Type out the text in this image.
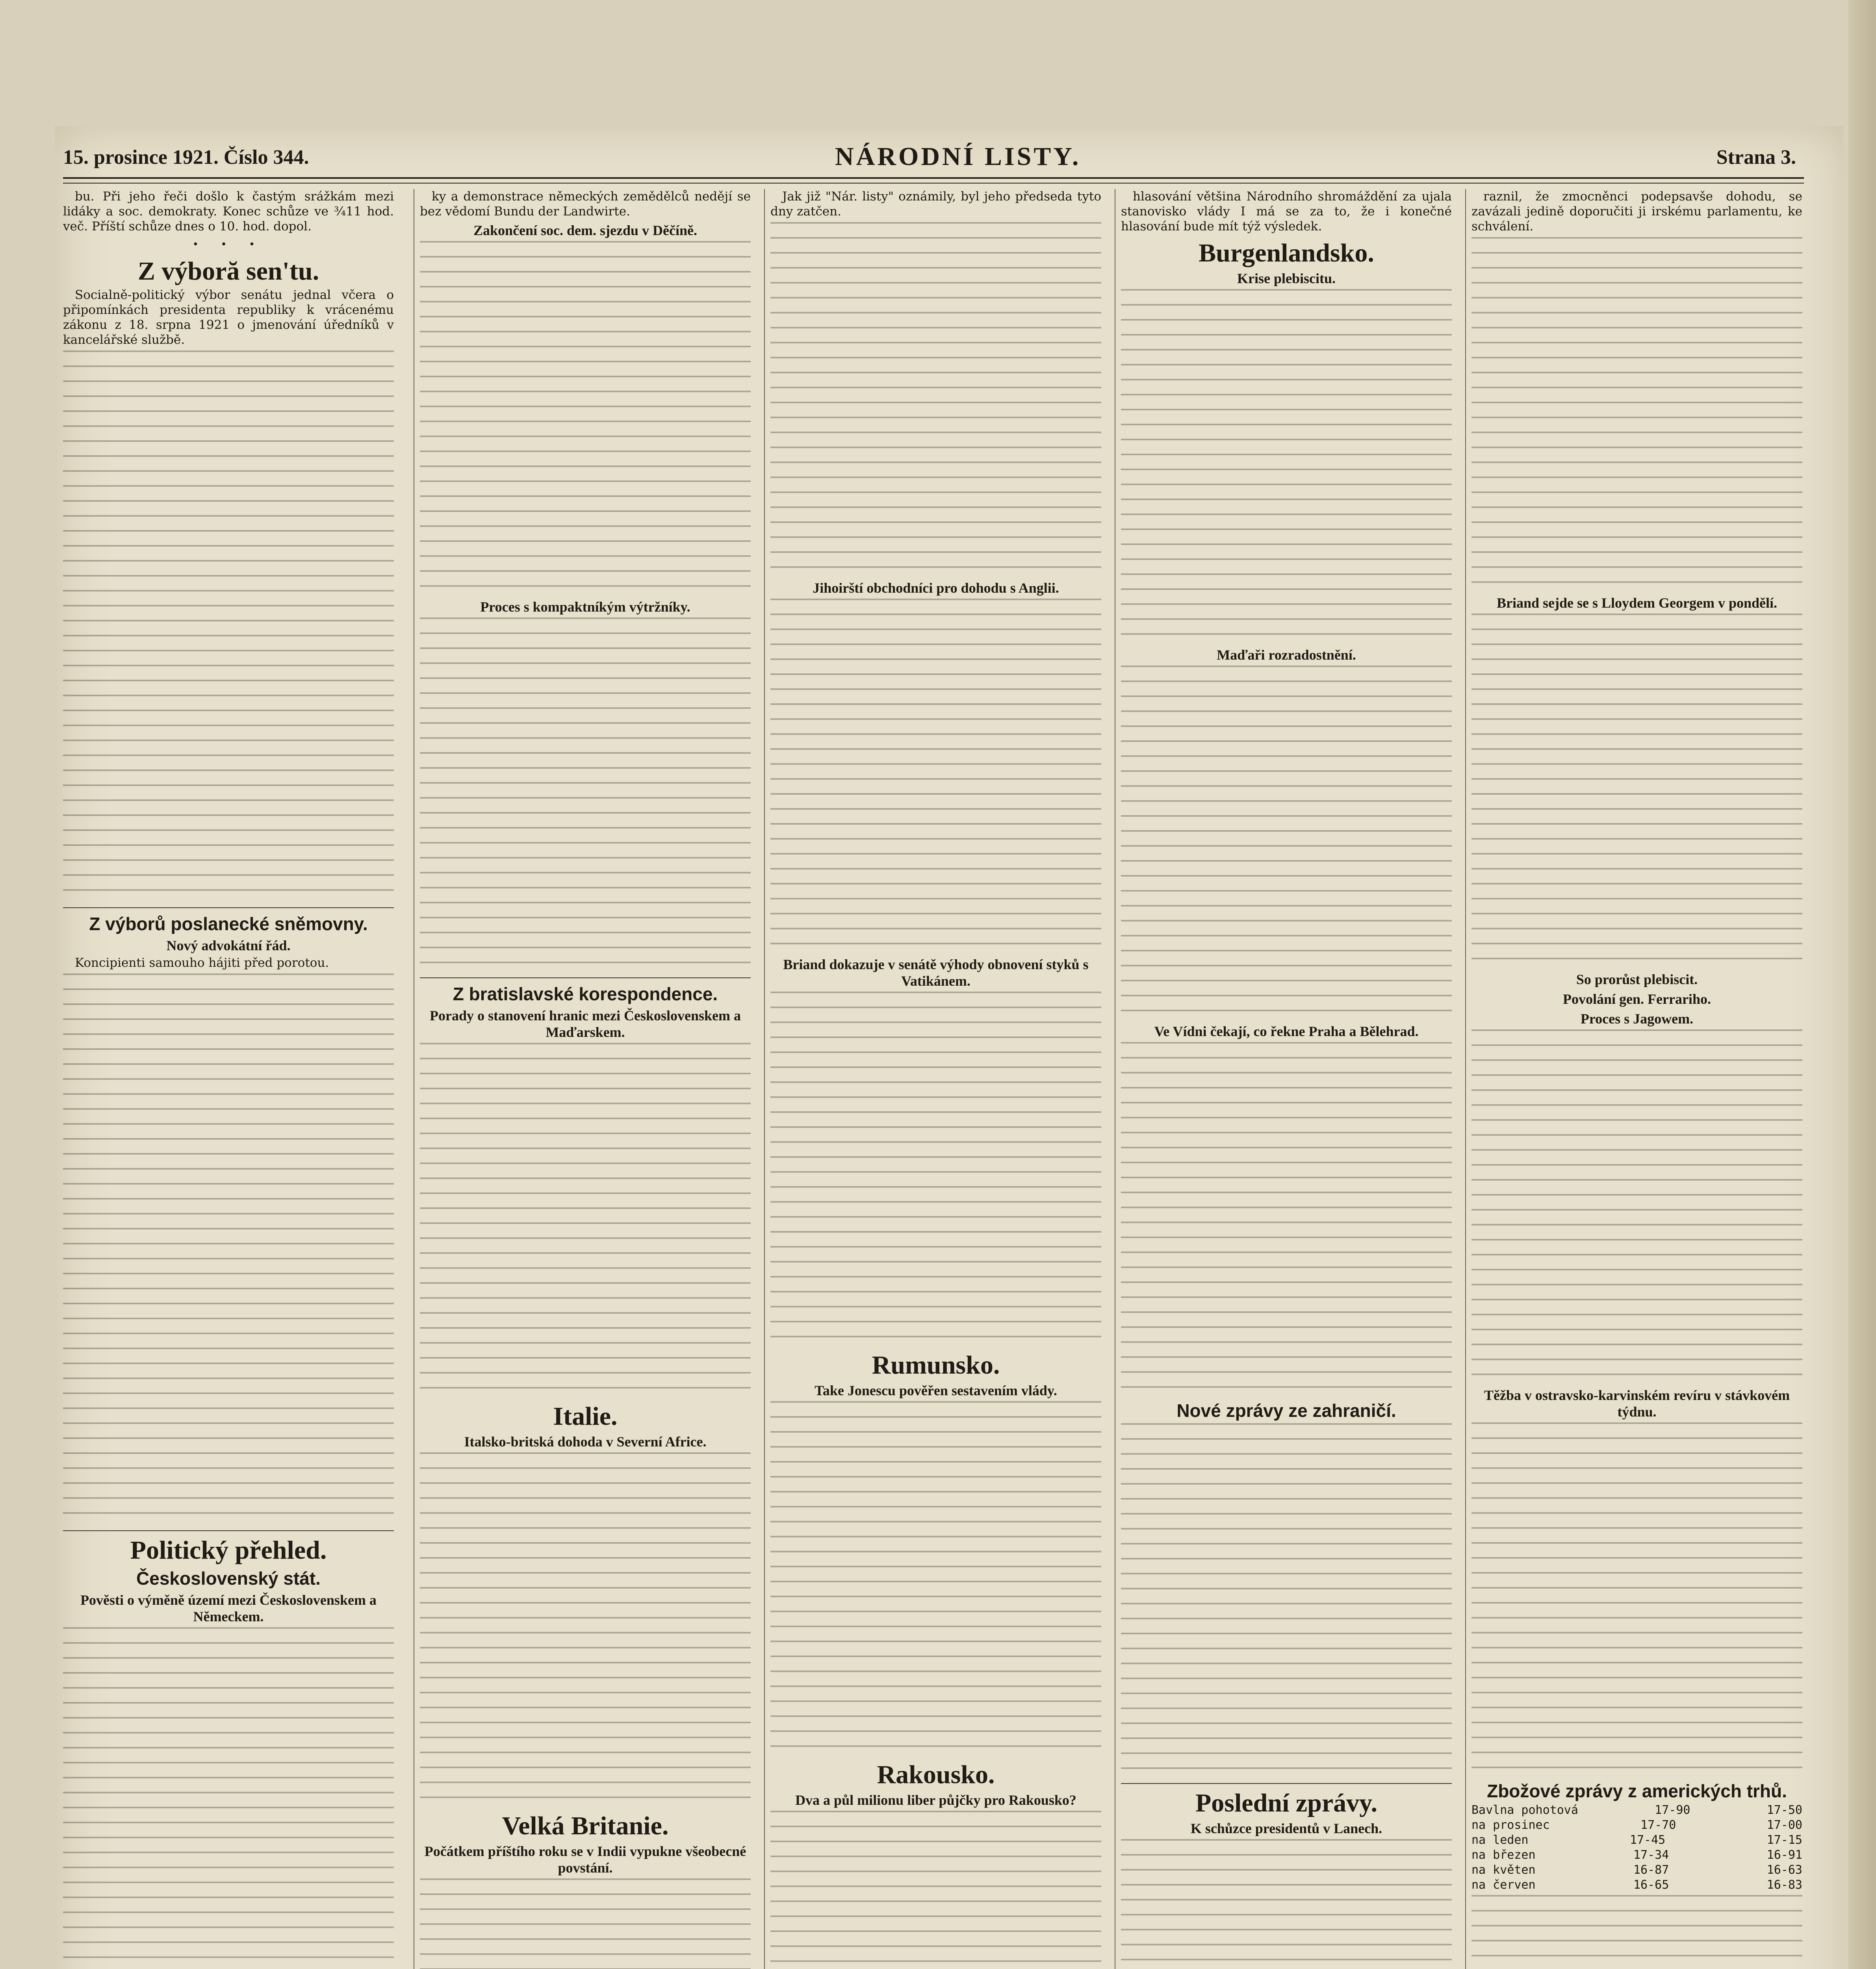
15. prosince 1921. Číslo 344.	NÁRODNÍ LISTY.	Strana 3.

bu. Při jeho řeči došlo k častým srážkám mezi lidáky a soc. demokraty. Konec schůze ve ¾11 hod. več. Příští schůze dnes o 10. hod. dopol.

• • •
Z výboră sen'tu.

Socialně-politický výbor senátu jednal včera o připomínkách presidenta republiky k vrácenému zákonu z 18. srpna 1921 o jmenování úředníků v kancelářské službě.

Z výborů poslanecké sněmovny.
Nový advokátní řád.

Koncipienti samouho hájiti před porotou.

Politický přehled.
Československý stát.
Pověsti o výměně území mezi Československem a Německem.

ky a demonstrace německých zemědělců nedějí se bez vědomí Bundu der Landwirte.

Zakončení soc. dem. sjezdu v Děčíně.
Proces s kompaktníkým výtržníky.
Z bratislavské korespondence.
Porady o stanovení hranic mezi Československem a Maďarskem.
Italie.
Italsko-britská dohoda v Severní Africe.
Velká Britanie.
Počátkem příštího roku se v Indii vypukne všeobecné povstání.

Jak již "Nár. listy" oznámily, byl jeho předseda tyto dny zatčen.

Jihoirští obchodníci pro dohodu s Anglii.
Briand dokazuje v senátě výhody obnovení styků s Vatikánem.
Rumunsko.
Take Jonescu pověřen sestavením vlády.
Rakousko.
Dva a půl milionu liber půjčky pro Rakousko?

hlasování většina Národního shromáždění za ujala stanovisko vlády I má se za to, že i konečné hlasování bude mít týž výsledek.

Burgenlandsko.
Krise plebiscitu.
Maďaři rozradostnění.
Ve Vídni čekají, co řekne Praha a Bělehrad.
Nové zprávy ze zahraničí.
Poslední zprávy.
K schůzce presidentů v Lanech.

raznil, že zmocněnci podepsavše dohodu, se zavázali jedině doporučiti ji irskému parlamentu, ke schválení.

Briand sejde se s Lloydem Georgem v pondělí.
So prorůst plebiscit.
Povolání gen. Ferrariho.
Proces s Jagowem.
Těžba v ostravsko-karvinském revíru v stávkovém týdnu.
Zbožové zprávy z amerických trhů.
Bavlna pohotová	17-90	17-50
na prosinec	17-70	17-00
na leden	17-45	17-15
na březen	17-34	16-91
na květen	16-87	16-63
na červen	16-65	16-83
